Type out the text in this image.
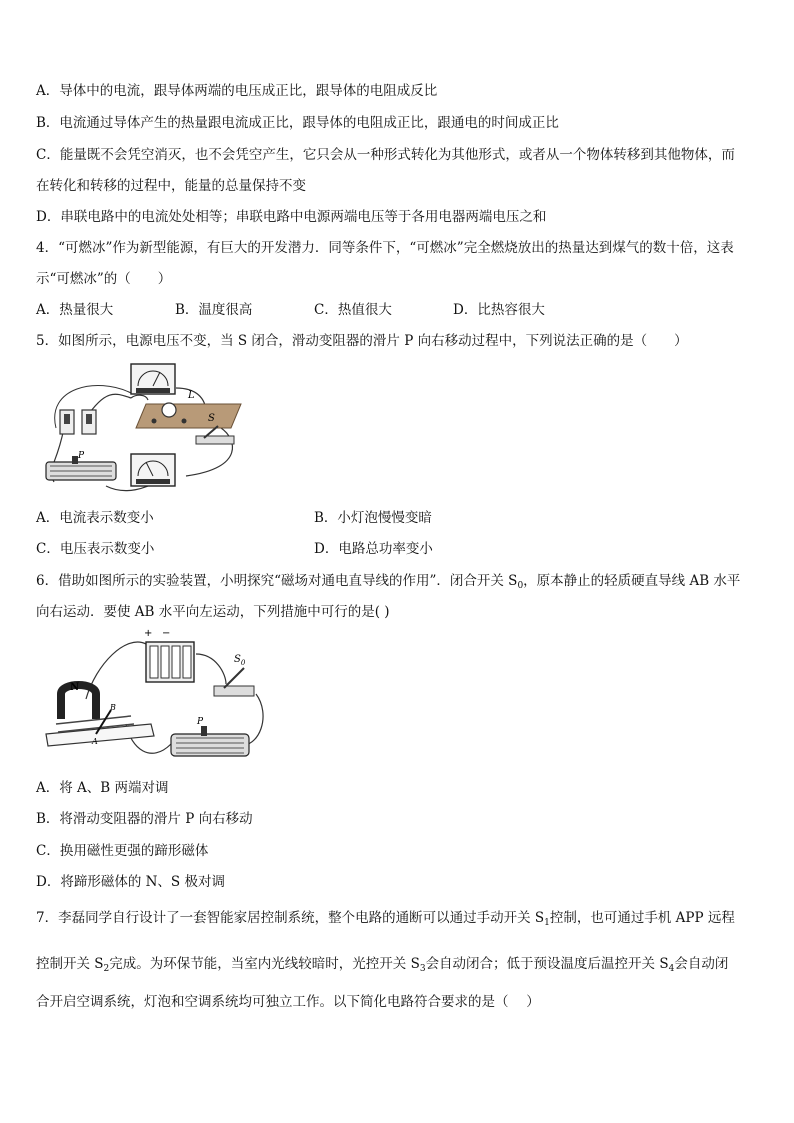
A．导体中的电流，跟导体两端的电压成正比，跟导体的电阻成反比
B．电流通过导体产生的热量跟电流成正比，跟导体的电阻成正比，跟通电的时间成正比
C．能量既不会凭空消灭，也不会凭空产生，它只会从一种形式转化为其他形式，或者从一个物体转移到其他物体，而
在转化和转移的过程中，能量的总量保持不变
D．串联电路中的电流处处相等；串联电路中电源两端电压等于各用电器两端电压之和
4．“可燃冰”作为新型能源，有巨大的开发潜力．同等条件下，“可燃冰”完全燃烧放出的热量达到煤气的数十倍，这表
示“可燃冰”的（　　）
A．热量很大	B．温度很高	C．热值很大	D．比热容很大
5．如图所示，电源电压不变，当 S 闭合，滑动变阻器的滑片 P 向右移动过程中，下列说法正确的是（　　）
L
S
P
A．电流表示数变小	B．小灯泡慢慢变暗
C．电压表示数变小	D．电路总功率变小
6．借助如图所示的实验装置，小明探究“磁场对通电直导线的作用”．闭合开关 $S_0$，原本静止的轻质硬直导线 AB 水平
向右运动．要使 AB 水平向左运动，下列措施中可行的是( )
+ −
$S_0$
N
A
B
P
A．将 A、B 两端对调
B．将滑动变阻器的滑片 P 向右移动
C．换用磁性更强的蹄形磁体
D．将蹄形磁体的 N、S 极对调
7．李磊同学自行设计了一套智能家居控制系统，整个电路的通断可以通过手动开关 $S_1$控制，也可通过手机 APP 远程
控制开关 $S_2$完成。为环保节能，当室内光线较暗时，光控开关 $S_3$会自动闭合；低于预设温度后温控开关 $S_4$会自动闭
合开启空调系统，灯泡和空调系统均可独立工作。以下简化电路符合要求的是（　 ）
